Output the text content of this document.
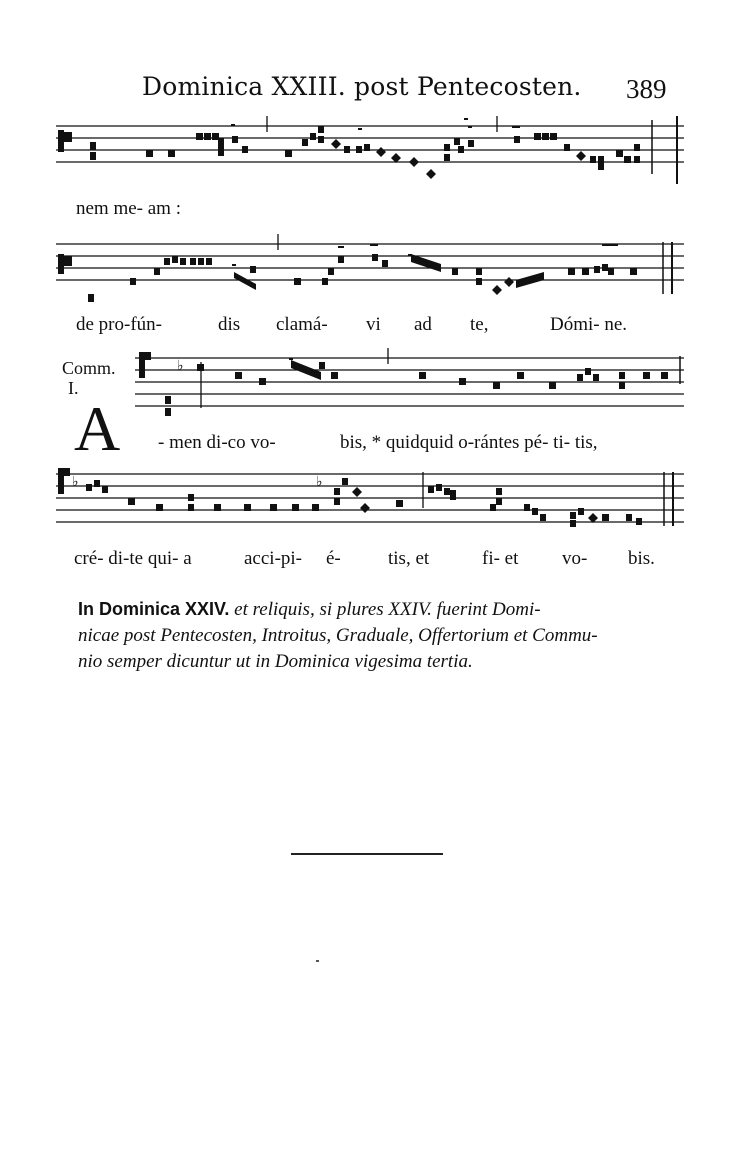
Dominica XXIII. post Pentecosten. 389
nem me- am :
de pro-fún-	dis clamá- vi ad te,	Dómi- ne.
Comm.
I.
♭
A - men di-co vo-	bis, * quidquid o-rántes pé- ti- tis,
♭	♭
cré- di-te qui- a	acci-pi- é- tis, et	fi- et vo- bis.
In Dominica XXIV. et reliquis, si plures XXIV. fuerint Domi-
nicae post Pentecosten, Introitus, Graduale, Offertorium et Commu-
nio semper dicuntur ut in Dominica vigesima tertia.
